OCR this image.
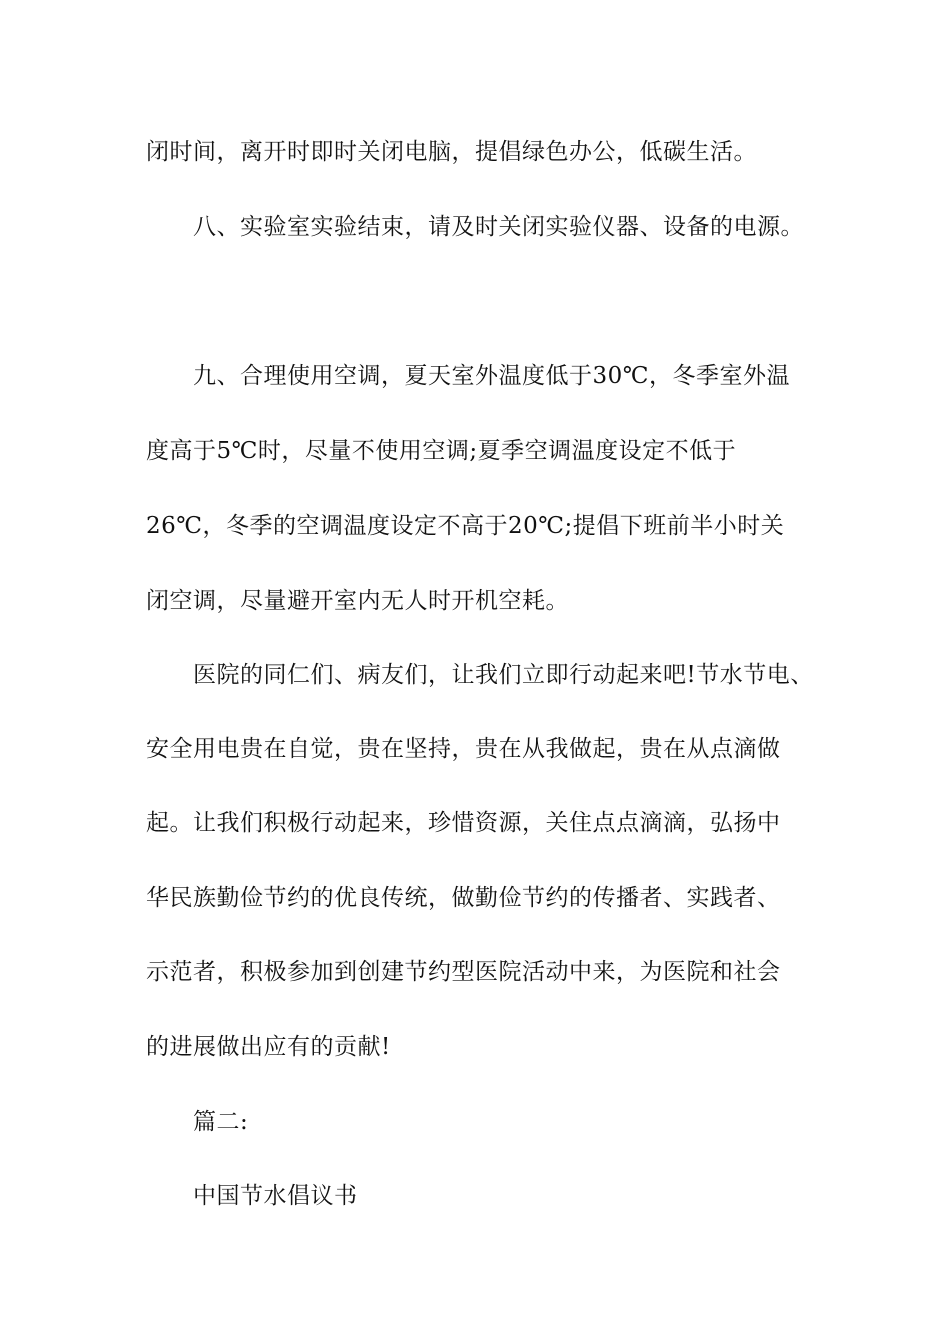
闭时间，离开时即时关闭电脑，提倡绿色办公，低碳生活。
八、实验室实验结束，请及时关闭实验仪器、设备的电源。
九、合理使用空调，夏天室外温度低于30℃，冬季室外温
度高于5℃时，尽量不使用空调;夏季空调温度设定不低于
26℃，冬季的空调温度设定不高于20℃;提倡下班前半小时关
闭空调，尽量避开室内无人时开机空耗。
医院的同仁们、病友们，让我们立即行动起来吧!节水节电、
安全用电贵在自觉，贵在坚持，贵在从我做起，贵在从点滴做
起。让我们积极行动起来，珍惜资源，关住点点滴滴，弘扬中
华民族勤俭节约的优良传统，做勤俭节约的传播者、实践者、
示范者，积极参加到创建节约型医院活动中来，为医院和社会
的进展做出应有的贡献!
篇二:
中国节水倡议书
